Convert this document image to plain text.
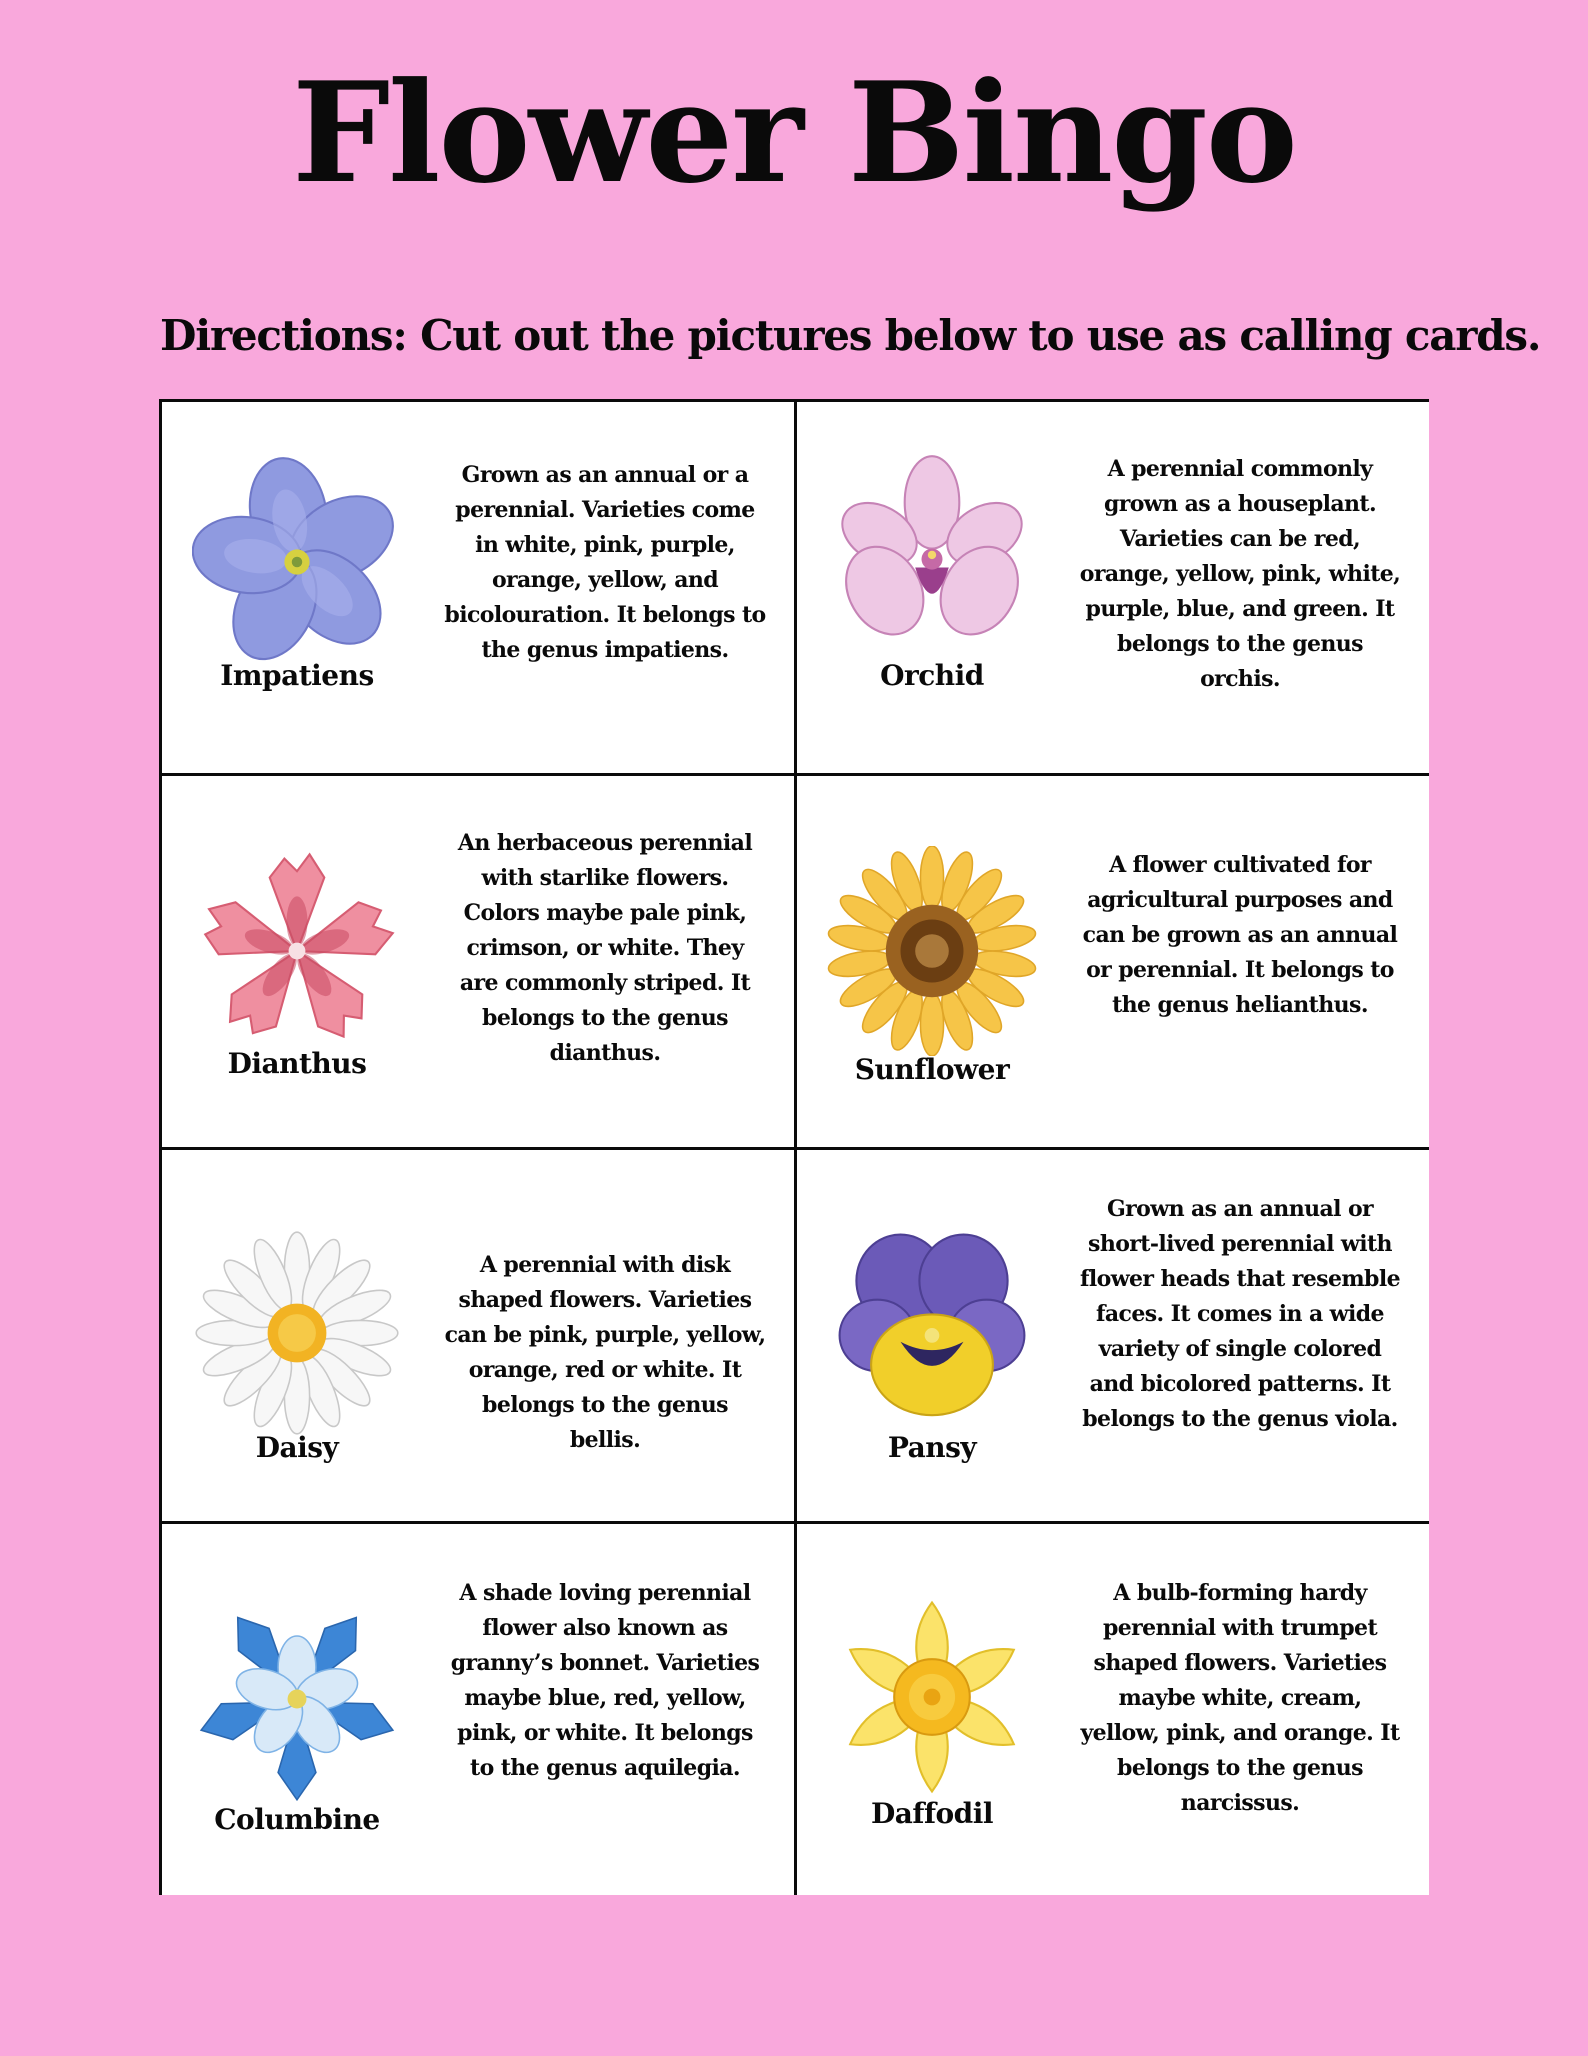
Flower Bingo
Directions: Cut out the pictures below to use as calling cards.
Impatiens
Grown as an annual or a perennial. Varieties come in white, pink, purple, orange, yellow, and bicolouration. It belongs to the genus impatiens.
Orchid
A perennial commonly grown as a houseplant. Varieties can be red, orange, yellow, pink, white, purple, blue, and green. It belongs to the genus orchis.
Dianthus
An herbaceous perennial with starlike flowers. Colors maybe pale pink, crimson, or white. They are commonly striped. It belongs to the genus dianthus.	Sunflower
A flower cultivated for agricultural purposes and can be grown as an annual or perennial. It belongs to the genus helianthus.
Daisy
A perennial with disk shaped flowers. Varieties can be pink, purple, yellow, orange, red or white. It belongs to the genus bellis.	Pansy
Grown as an annual or short-lived perennial with flower heads that resemble faces. It comes in a wide variety of single colored and bicolored patterns. It belongs to the genus viola.
Columbine
A shade loving perennial flower also known as granny’s bonnet. Varieties maybe blue, red, yellow, pink, or white. It belongs to the genus aquilegia.
Daffodil
A bulb-forming hardy perennial with trumpet shaped flowers. Varieties maybe white, cream, yellow, pink, and orange. It belongs to the genus narcissus.
